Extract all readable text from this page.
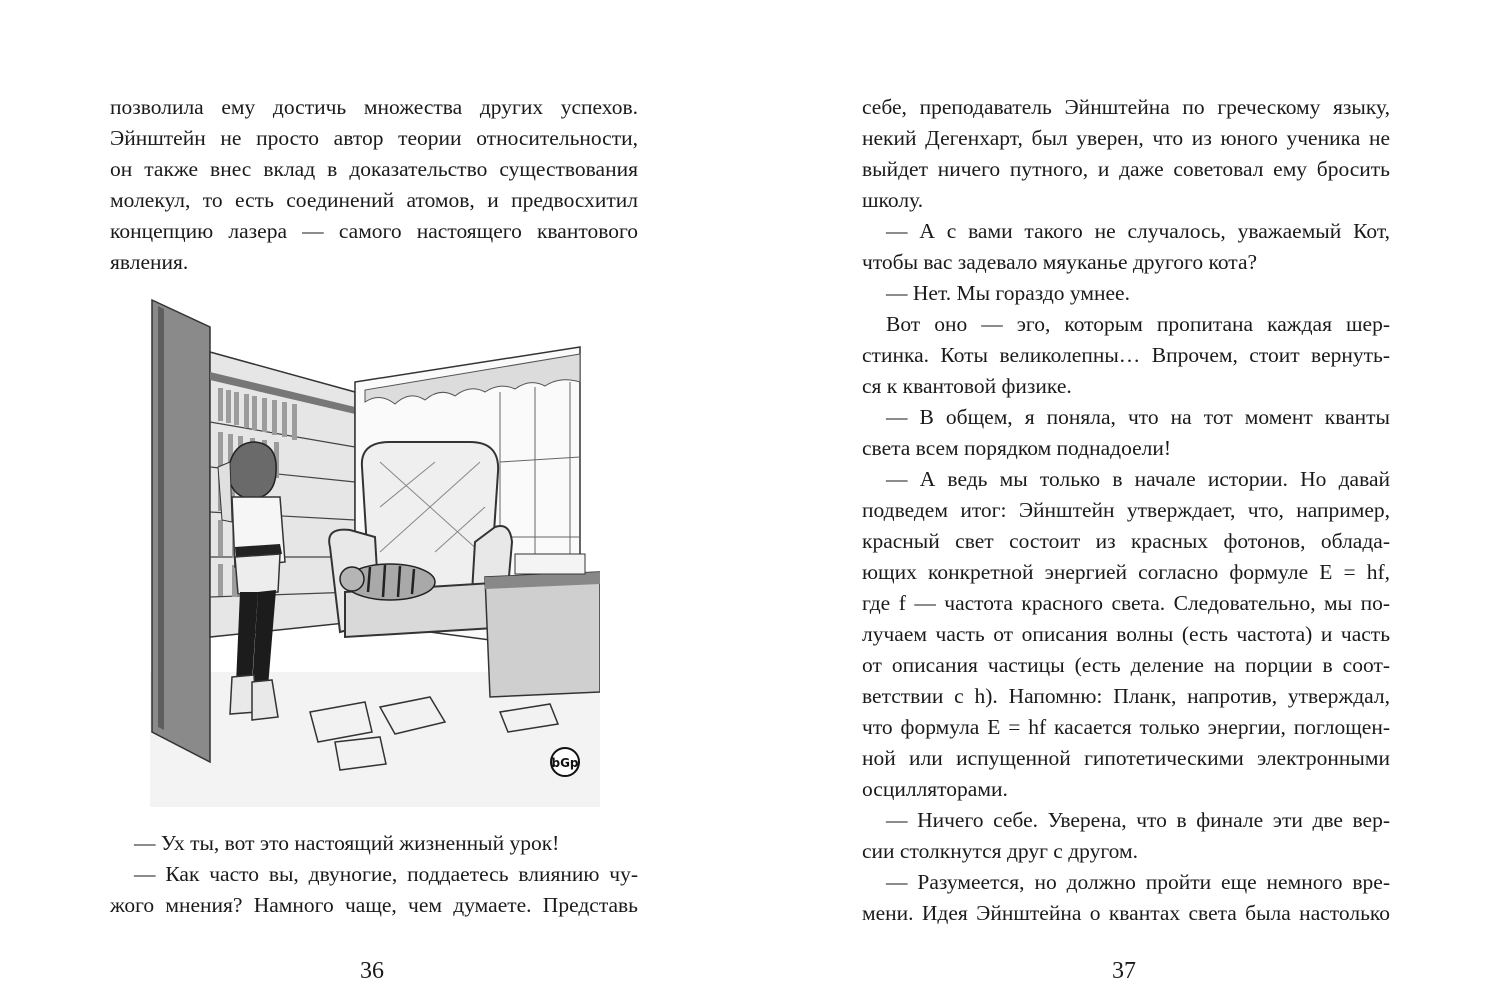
позволила ему достичь множества других успехов.
Эйнштейн не просто автор теории относительности,
он также внес вклад в доказательство существования
молекул, то есть соединений атомов, и предвосхитил
концепцию лазера — самого настоящего квантового
явления.
bGp
— Ух ты, вот это настоящий жизненный урок!
— Как часто вы, двуногие, поддаетесь влиянию чу-
жого мнения? Намного чаще, чем думаете. Представь
36
себе, преподаватель Эйнштейна по греческому языку,
некий Дегенхарт, был уверен, что из юного ученика не
выйдет ничего путного, и даже советовал ему бросить
школу.
— А с вами такого не случалось, уважаемый Кот,
чтобы вас задевало мяуканье другого кота?
— Нет. Мы гораздо умнее.
Вот оно — эго, которым пропитана каждая шер-
стинка. Коты великолепны… Впрочем, стоит вернуть-
ся к квантовой физике.
— В общем, я поняла, что на тот момент кванты
света всем порядком поднадоели!
— А ведь мы только в начале истории. Но давай
подведем итог: Эйнштейн утверждает, что, например,
красный свет состоит из красных фотонов, облада-
ющих конкретной энергией согласно формуле E = hf,
где f — частота красного света. Следовательно, мы по-
лучаем часть от описания волны (есть частота) и часть
от описания частицы (есть деление на порции в соот-
ветствии с h). Напомню: Планк, напротив, утверждал,
что формула E = hf касается только энергии, поглощен-
ной или испущенной гипотетическими электронными
осцилляторами.
— Ничего себе. Уверена, что в финале эти две вер-
сии столкнутся друг с другом.
— Разумеется, но должно пройти еще немного вре-
мени. Идея Эйнштейна о квантах света была настолько
37
